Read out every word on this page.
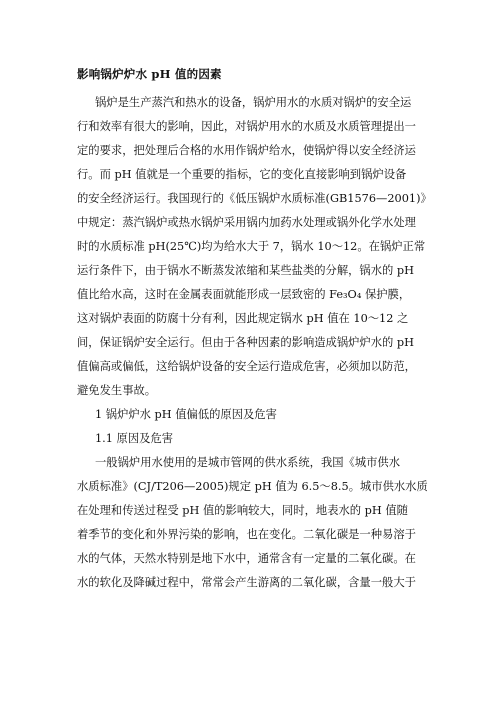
影响锅炉炉水 pH 值的因素
锅炉是生产蒸汽和热水的设备，锅炉用水的水质对锅炉的安全运
行和效率有很大的影响，因此，对锅炉用水的水质及水质管理提出一
定的要求，把处理后合格的水用作锅炉给水，使锅炉得以安全经济运
行。而 pH 值就是一个重要的指标，它的变化直接影响到锅炉设备
的安全经济运行。我国现行的《低压锅炉水质标准(GB1576—2001)》
中规定：蒸汽锅炉或热水锅炉采用锅内加药水处理或锅外化学水处理
时的水质标准 pH(25℃)均为给水大于 7，锅水 10～12。在锅炉正常
运行条件下，由于锅水不断蒸发浓缩和某些盐类的分解，锅水的 pH
值比给水高，这时在金属表面就能形成一层致密的 Fe₃O₄ 保护膜，
这对锅炉表面的防腐十分有利，因此规定锅水 pH 值在 10～12 之
间，保证锅炉安全运行。但由于各种因素的影响造成锅炉炉水的 pH
值偏高或偏低，这给锅炉设备的安全运行造成危害，必须加以防范，
避免发生事故。
1 锅炉炉水 pH 值偏低的原因及危害
1.1 原因及危害
一般锅炉用水使用的是城市管网的供水系统，我国《城市供水
水质标准》(CJ/T206—2005)规定 pH 值为 6.5～8.5。城市供水水质
在处理和传送过程受 pH 值的影响较大，同时，地表水的 pH 值随
着季节的变化和外界污染的影响，也在变化。二氧化碳是一种易溶于
水的气体，天然水特别是地下水中，通常含有一定量的二氧化碳。在
水的软化及降碱过程中，常常会产生游离的二氧化碳，含量一般大于
